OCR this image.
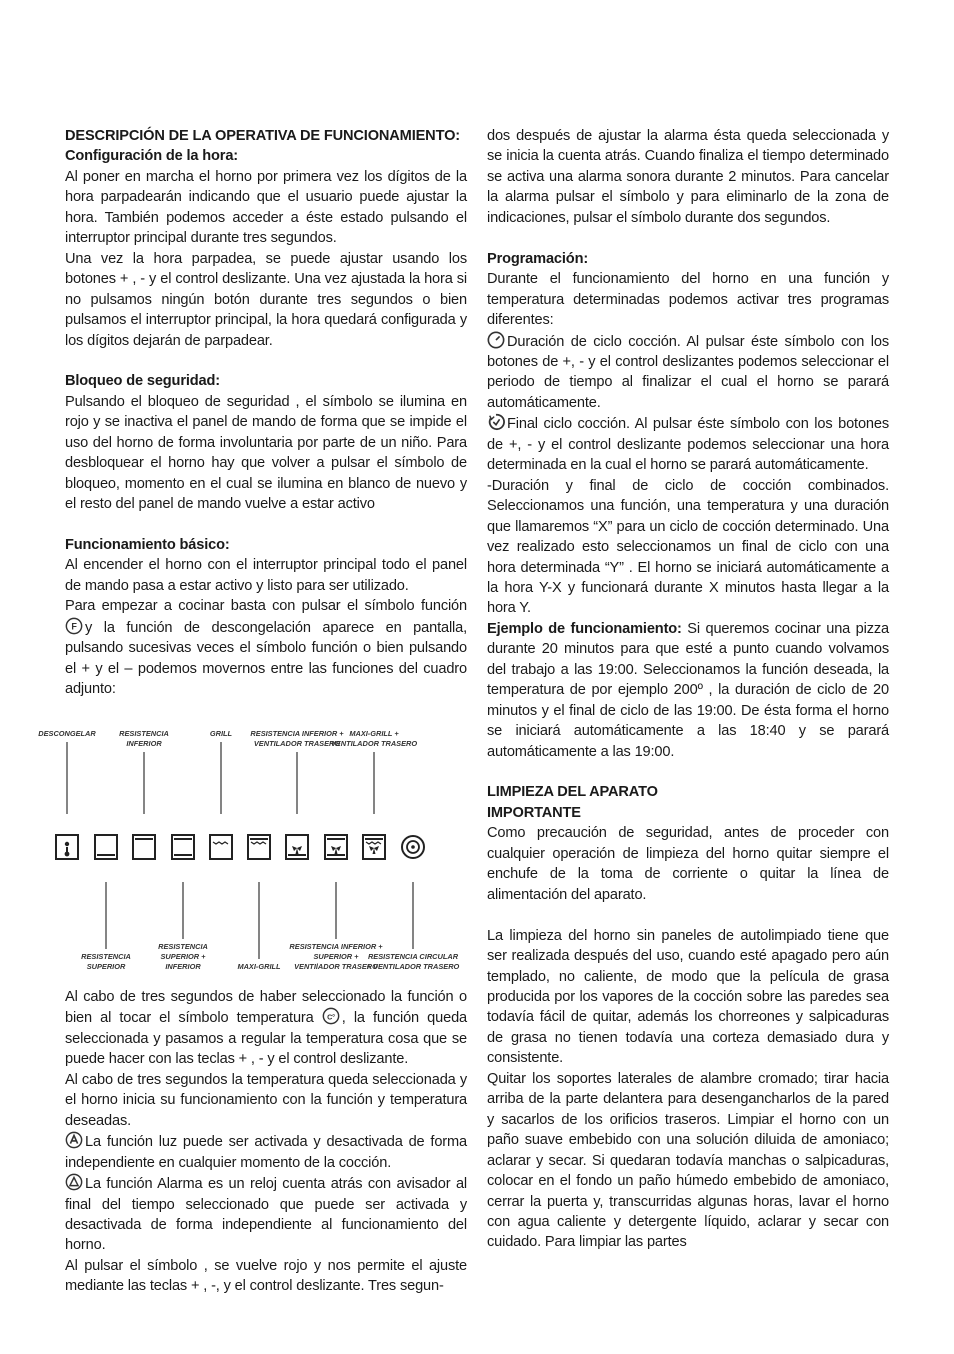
DESCRIPCIÓN DE LA OPERATIVA DE FUNCIONAMIENTO:

Configuración de la hora:

Al poner en marcha el horno por primera vez los dígitos de la hora parpadearán indicando que el usuario puede ajustar la hora. También podemos acceder a éste estado pulsando el interruptor principal durante tres segundos.

Una vez la hora parpadea, se puede ajustar usando los botones + , - y el control deslizante. Una vez ajustada la hora si no pulsamos ningún botón durante tres segundos o bien pulsamos el interruptor principal, la hora quedará configurada y los dígitos dejarán de parpadear.

Bloqueo de seguridad:

Pulsando el bloqueo de seguridad , el símbolo se ilumina en rojo y se inactiva el panel de mando de forma que se impide el uso del horno de forma involuntaria por parte de un niño. Para desbloquear el horno hay que volver a pulsar el símbolo de bloqueo, momento en el cual se ilumina en blanco de nuevo y el resto del panel de mando vuelve a estar activo

Funcionamiento básico:

Al encender el horno con el interruptor principal todo el panel de mando pasa a estar activo y listo para ser utilizado.

Para empezar a cocinar basta con pulsar el símbolo función
F y la función de descongelación aparece en pantalla, pulsando sucesivas veces el símbolo función o bien pulsando el + y el – podemos movernos entre las funciones del cuadro adjunto:

DESCONGELAR	RESISTENCIA
INFERIOR
GRILL RESISTENCIA INFERIOR +
VENTILADOR TRASERO
MAXI-GRILL +
VENTILADOR TRASERO
RESISTENCIA
SUPERIOR
RESISTENCIA
SUPERIOR +
INFERIOR	MAXI-GRILL
RESISTENCIA INFERIOR +
SUPERIOR +
VENTIlADOR TRASERO
RESISTENCIA CIRCULAR
+ VENTILADOR TRASERO

Al cabo de tres segundos de haber seleccionado la función o bien al tocar el símbolo temperatura C° , la función queda seleccionada y pasamos a regular la temperatura cosa que se puede hacer con las teclas + , - y el control deslizante.

Al cabo de tres segundos la temperatura queda seleccionada y el horno inicia su funcionamiento con la función y temperatura deseadas.

La función luz puede ser activada y desactivada de forma independiente en cualquier momento de la cocción.

La función Alarma es un reloj cuenta atrás con avisador al final del tiempo seleccionado que puede ser activada y desactivada de forma independiente al funcionamiento del horno.

Al pulsar el símbolo , se vuelve rojo y nos permite el ajuste mediante las teclas + , -, y el control deslizante. Tres segun-

dos después de ajustar la alarma ésta queda seleccionada y se inicia la cuenta atrás. Cuando finaliza el tiempo determinado se activa una alarma sonora durante 2 minutos. Para cancelar la alarma pulsar el símbolo y para eliminarlo de la zona de indicaciones, pulsar el símbolo durante dos segundos.

Programación:

Durante el funcionamiento del horno en una función y temperatura determinadas podemos activar tres programas diferentes:

Duración de ciclo cocción. Al pulsar éste símbolo con los botones de +, - y el control deslizantes podemos seleccionar el periodo de tiempo al finalizar el cual el horno se parará automáticamente.

Final ciclo cocción. Al pulsar éste símbolo con los botones de +, - y el control deslizante podemos seleccionar una hora determinada en la cual el horno se parará automáticamente.

-Duración y final de ciclo de cocción combinados. Seleccionamos una función, una temperatura y una duración que llamaremos “X” para un ciclo de cocción determinado. Una vez realizado esto seleccionamos un final de ciclo con una hora determinada “Y” . El horno se iniciará automáticamente a la hora Y-X y funcionará durante X minutos hasta llegar a la hora Y.

Ejemplo de funcionamiento: Si queremos cocinar una pizza durante 20 minutos para que esté a punto cuando volvamos del trabajo a las 19:00. Seleccionamos la función deseada, la temperatura de por ejemplo 200º , la duración de ciclo de 20 minutos y el final de ciclo de las 19:00. De ésta forma el horno se iniciará automáticamente a las 18:40 y se parará automáticamente a las 19:00.

LIMPIEZA DEL APARATO

IMPORTANTE

Como precaución de seguridad, antes de proceder con cualquier operación de limpieza del horno quitar siempre el enchufe de la toma de corriente o quitar la línea de alimentación del aparato.

La limpieza del horno sin paneles de autolimpiado tiene que ser realizada después del uso, cuando esté apagado pero aún templado, no caliente, de modo que la película de grasa producida por los vapores de la cocción sobre las paredes sea todavía fácil de quitar, además los chorreones y salpicaduras de grasa no tienen todavía una corteza demasiado dura y consistente.

Quitar los soportes laterales de alambre cromado; tirar hacia arriba de la parte delantera para desengancharlos de la pared y sacarlos de los orificios traseros. Limpiar el horno con un paño suave embebido con una solución diluida de amoniaco; aclarar y secar. Si quedaran todavía manchas o salpicaduras, colocar en el fondo un paño húmedo embebido de amoniaco, cerrar la puerta y, transcurridas algunas horas, lavar el horno con agua caliente y detergente líquido, aclarar y secar con cuidado. Para limpiar las partes
